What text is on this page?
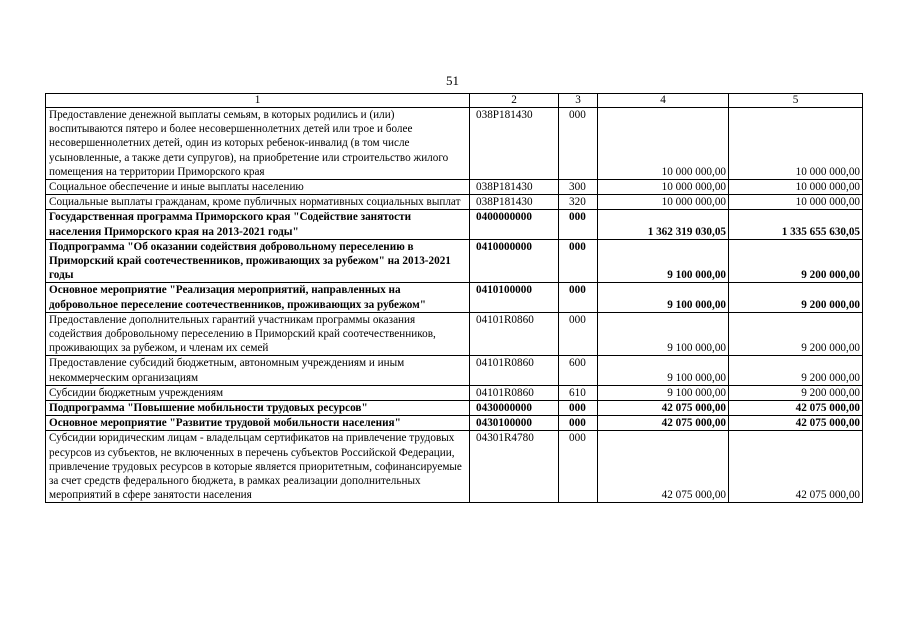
51
1	2	3	4	5
Предоставление денежной выплаты семьям, в которых родились и (или) воспитываются пятеро и более несовершеннолетних детей или трое и более несовершеннолетних детей, один из которых ребенок-инвалид (в том числе усыновленные, а также дети супругов), на приобретение или строительство жилого помещения на территории Приморского края	038P181430	000	10 000 000,00	10 000 000,00
Социальное обеспечение и иные выплаты населению	038P181430	300	10 000 000,00	10 000 000,00
Социальные выплаты гражданам, кроме публичных нормативных социальных выплат	038P181430	320	10 000 000,00	10 000 000,00
Государственная программа Приморского края "Содействие занятости населения Приморского края на 2013-2021 годы"	0400000000	000	1 362 319 030,05	1 335 655 630,05
Подпрограмма "Об оказании содействия добровольному переселению в Приморский край соотечественников, проживающих за рубежом" на 2013-2021 годы	0410000000	000	9 100 000,00	9 200 000,00
Основное мероприятие "Реализация мероприятий, направленных на добровольное переселение соотечественников, проживающих за рубежом"	0410100000	000	9 100 000,00	9 200 000,00
Предоставление дополнительных гарантий участникам программы оказания содействия добровольному переселению в Приморский край соотечественников, проживающих за рубежом, и членам их семей	04101R0860	000	9 100 000,00	9 200 000,00
Предоставление субсидий бюджетным, автономным учреждениям и иным некоммерческим организациям	04101R0860	600	9 100 000,00	9 200 000,00
Субсидии бюджетным учреждениям	04101R0860	610	9 100 000,00	9 200 000,00
Подпрограмма "Повышение мобильности трудовых ресурсов"	0430000000	000	42 075 000,00	42 075 000,00
Основное мероприятие "Развитие трудовой мобильности населения"	0430100000	000	42 075 000,00	42 075 000,00
Субсидии юридическим лицам - владельцам сертификатов на привлечение трудовых ресурсов из субъектов, не включенных в перечень субъектов Российской Федерации, привлечение трудовых ресурсов в которые является приоритетным, софинансируемые за счет средств федерального бюджета, в рамках реализации дополнительных мероприятий в сфере занятости населения	04301R4780	000	42 075 000,00	42 075 000,00
